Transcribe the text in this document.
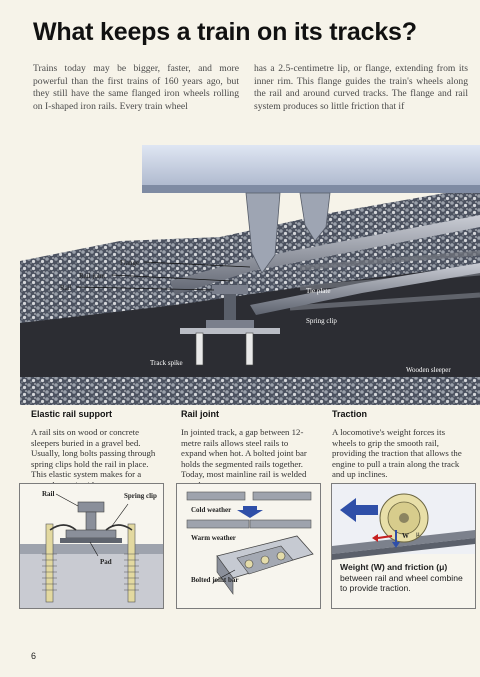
What keeps a train on its tracks?
Trains today may be bigger, faster, and more powerful than the first trains of 160 years ago, but they still have the same flanged iron wheels rolling on I-shaped iron rails. Every train wheel
has a 2.5-centimetre lip, or flange, extending from its inner rim. This flange guides the train's wheels along the rail and around curved tracks. The flange and rail system produces so little friction that if
Flange
Rail joint
Rail	Tie plate
Spring clip
Track spike
Wooden sleeper
Elastic rail support
A rail sits on wood or concrete sleepers buried in a gravel bed. Usually, long bolts passing through spring clips hold the rail in place. This elastic system makes for a
Rail	Spring clip
Pad
Rail joint
In jointed track, a gap between 12-metre rails allows steel rails to expand when hot. A bolted joint bar holds the segmented rails together. Today, most mainline rail is welded
Cold weather
Warm weather
Bolted joint bar
Traction
A locomotive's weight forces its wheels to grip the smooth rail, providing the traction that allows the engine to pull a train along the track and up inclines.
W μ
Weight (W) and friction (μ) between rail and wheel combine to provide traction.
6
